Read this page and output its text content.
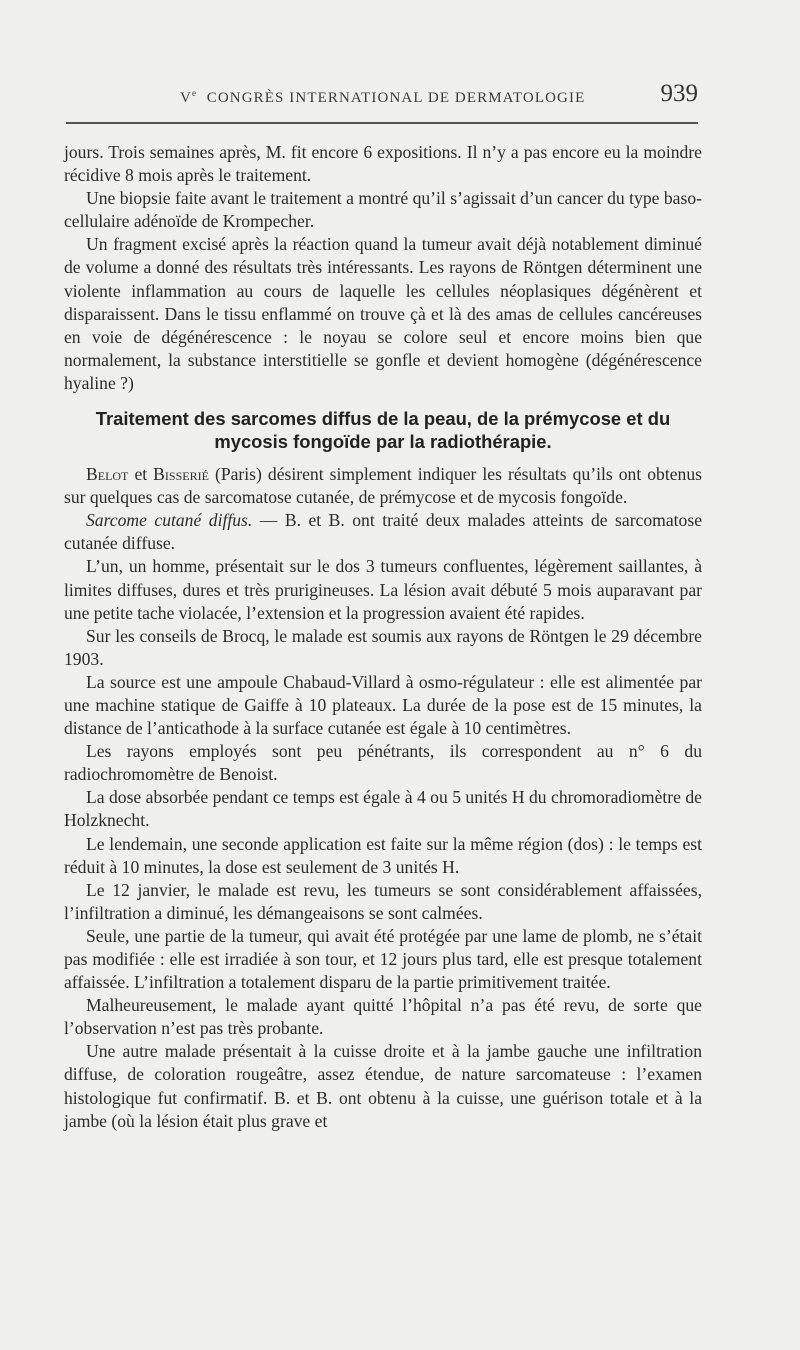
Ve CONGRÈS INTERNATIONAL DE DERMATOLOGIE	939

jours. Trois semaines après, M. fit encore 6 expositions. Il n’y a pas encore eu la moindre récidive 8 mois après le traitement.

Une biopsie faite avant le traitement a montré qu’il s’agissait d’un cancer du type baso-cellulaire adénoïde de Krompecher.

Un fragment excisé après la réaction quand la tumeur avait déjà notablement diminué de volume a donné des résultats très intéressants. Les rayons de Röntgen déterminent une violente inflammation au cours de laquelle les cellules néoplasiques dégénèrent et disparaissent. Dans le tissu enflammé on trouve çà et là des amas de cellules cancéreuses en voie de dégénérescence : le noyau se colore seul et encore moins bien que normalement, la substance interstitielle se gonfle et devient homogène (dégénérescence hyaline ?)

Traitement des sarcomes diffus de la peau, de la prémycose et du mycosis fongoïde par la radiothérapie.

Belot et Bisserié (Paris) désirent simplement indiquer les résultats qu’ils ont obtenus sur quelques cas de sarcomatose cutanée, de prémycose et de mycosis fongoïde.

Sarcome cutané diffus. — B. et B. ont traité deux malades atteints de sarcomatose cutanée diffuse.

L’un, un homme, présentait sur le dos 3 tumeurs confluentes, légèrement saillantes, à limites diffuses, dures et très prurigineuses. La lésion avait débuté 5 mois auparavant par une petite tache violacée, l’extension et la progression avaient été rapides.

Sur les conseils de Brocq, le malade est soumis aux rayons de Röntgen le 29 décembre 1903.

La source est une ampoule Chabaud-Villard à osmo-régulateur : elle est alimentée par une machine statique de Gaiffe à 10 plateaux. La durée de la pose est de 15 minutes, la distance de l’anticathode à la surface cutanée est égale à 10 centimètres.

Les rayons employés sont peu pénétrants, ils correspondent au n° 6 du radiochromomètre de Benoist.

La dose absorbée pendant ce temps est égale à 4 ou 5 unités H du chromoradiomètre de Holzknecht.

Le lendemain, une seconde application est faite sur la même région (dos) : le temps est réduit à 10 minutes, la dose est seulement de 3 unités H.

Le 12 janvier, le malade est revu, les tumeurs se sont considérablement affaissées, l’infiltration a diminué, les démangeaisons se sont calmées.

Seule, une partie de la tumeur, qui avait été protégée par une lame de plomb, ne s’était pas modifiée : elle est irradiée à son tour, et 12 jours plus tard, elle est presque totalement affaissée. L’infiltration a totalement disparu de la partie primitivement traitée.

Malheureusement, le malade ayant quitté l’hôpital n’a pas été revu, de sorte que l’observation n’est pas très probante.

Une autre malade présentait à la cuisse droite et à la jambe gauche une infiltration diffuse, de coloration rougeâtre, assez étendue, de nature sarcomateuse : l’examen histologique fut confirmatif. B. et B. ont obtenu à la cuisse, une guérison totale et à la jambe (où la lésion était plus grave et
